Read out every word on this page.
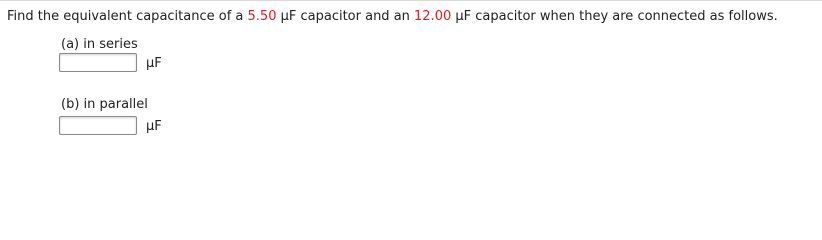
Find the equivalent capacitance of a 5.50 µF capacitor and an 12.00 µF capacitor when they are connected as follows.
(a) in series
µF
(b) in parallel
µF
